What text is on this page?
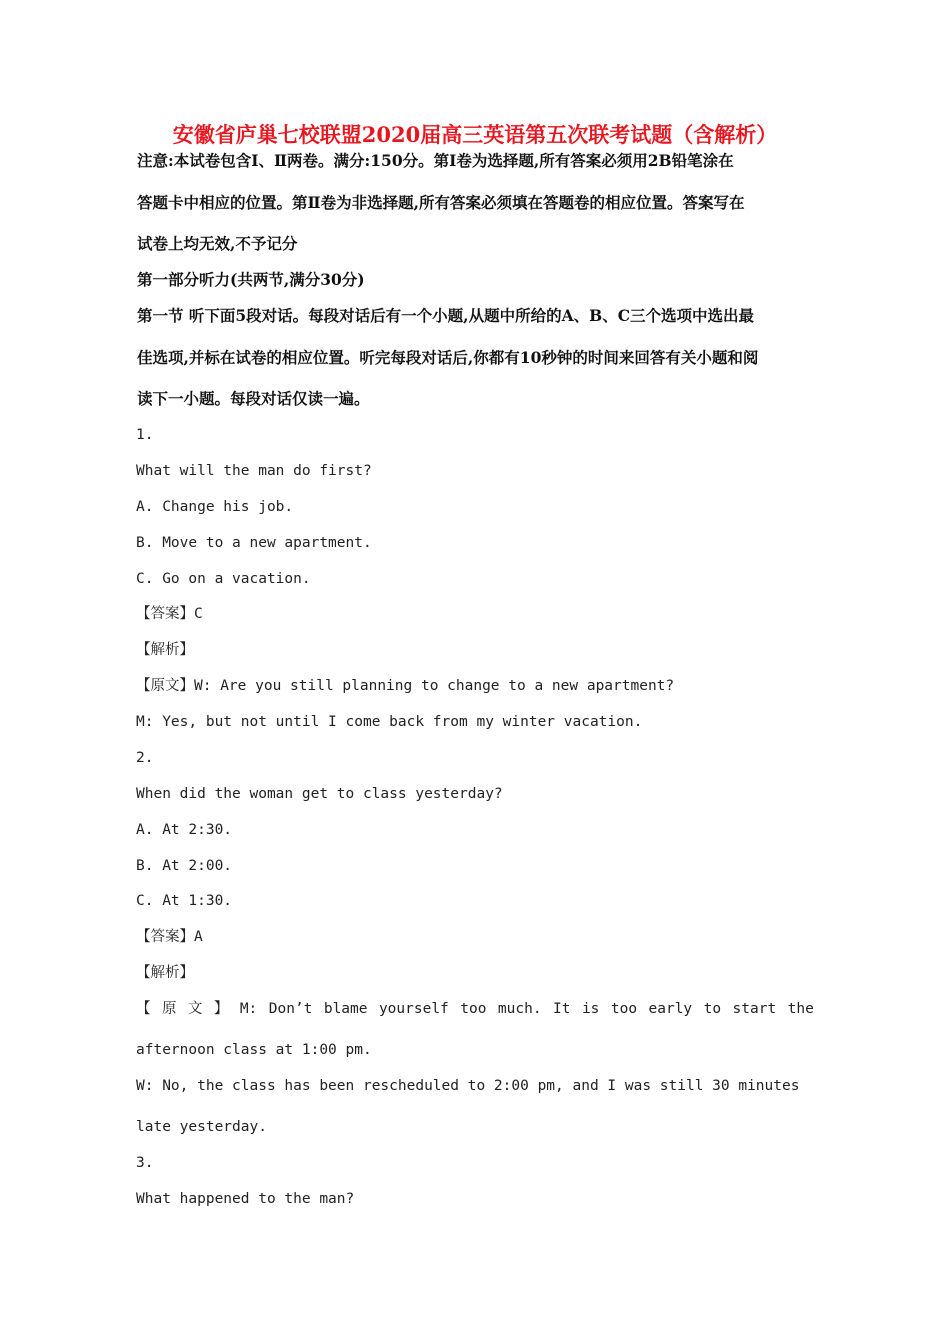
安徽省庐巢七校联盟2020届高三英语第五次联考试题（含解析）
注意:本试卷包含Ⅰ、Ⅱ两卷。满分:150分。第Ⅰ卷为选择题,所有答案必须用2B铅笔涂在
答题卡中相应的位置。第Ⅱ卷为非选择题,所有答案必须填在答题卷的相应位置。答案写在
试卷上均无效,不予记分
第一部分听力(共两节,满分30分)
第一节 听下面5段对话。每段对话后有一个小题,从题中所给的A、B、C三个选项中选出最
佳选项,并标在试卷的相应位置。听完每段对话后,你都有10秒钟的时间来回答有关小题和阅
读下一小题。每段对话仅读一遍。
1.
What will the man do first?
A. Change his job.
B. Move to a new apartment.
C. Go on a vacation.
【答案】C
【解析】
【原文】W: Are you still planning to change to a new apartment?
M: Yes, but not until I come back from my winter vacation.
2.
When did the woman get to class yesterday?
A. At 2:30.
B. At 2:00.
C. At 1:30.
【答案】A
【解析】
【 原 文 】 M: Don’t blame yourself too much. It is too early to start the
afternoon class at 1:00 pm.
W: No, the class has been rescheduled to 2:00 pm, and I was still 30 minutes
late yesterday.
3.
What happened to the man?
